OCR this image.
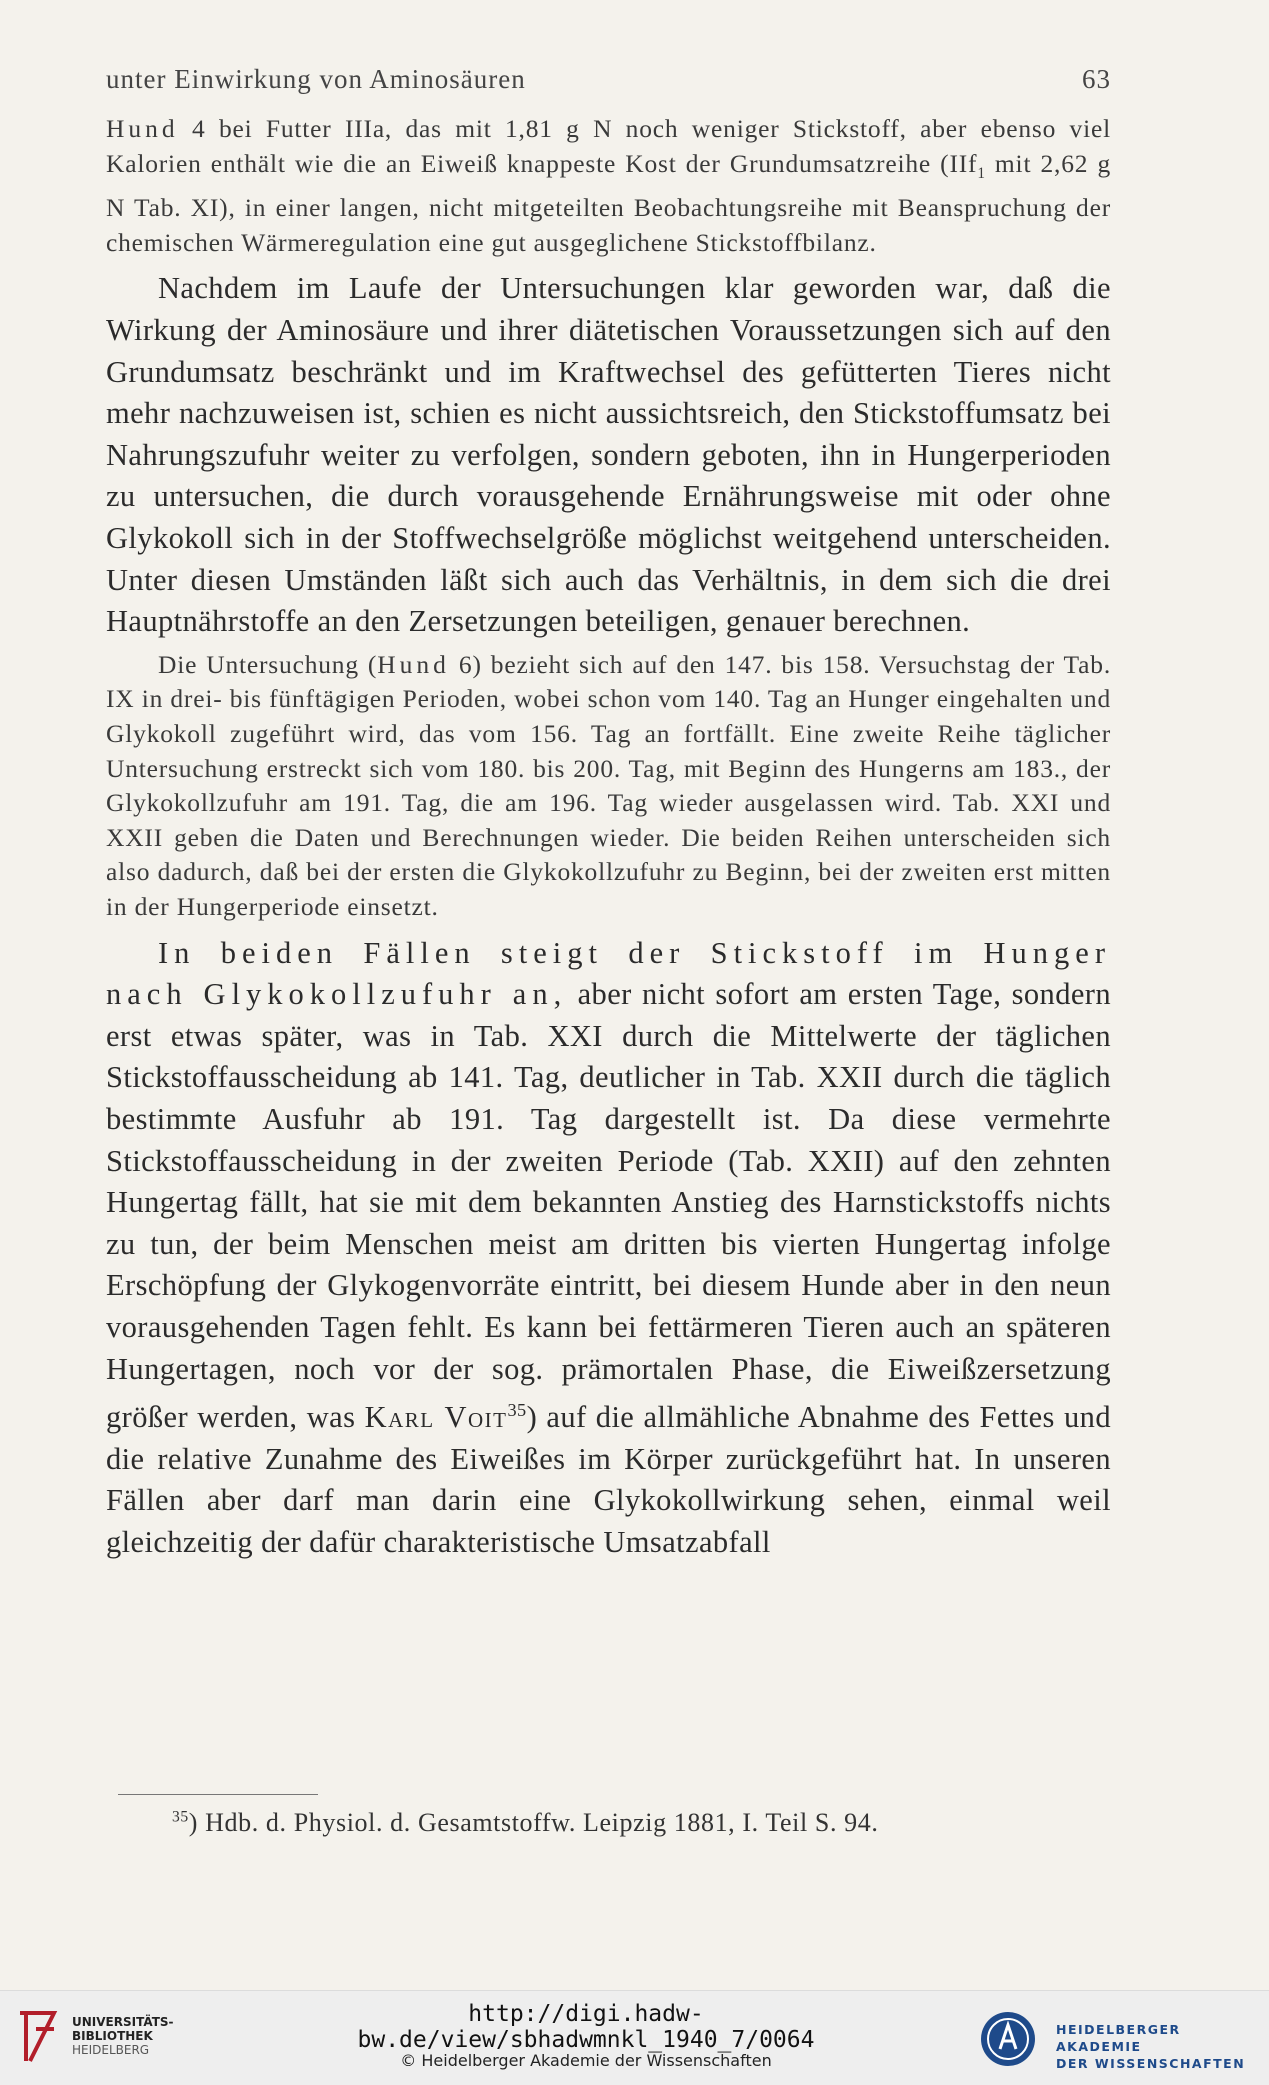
unter Einwirkung von Aminosäuren	63

Hund 4 bei Futter IIIa, das mit 1,81 g N noch weniger Stickstoff, aber ebenso viel Kalorien enthält wie die an Eiweiß knappeste Kost der Grundumsatzreihe (IIf$_1$ mit 2,62 g N Tab. XI), in einer langen, nicht mitgeteilten Beobachtungsreihe mit Beanspruchung der chemischen Wärmeregulation eine gut ausgeglichene Stickstoffbilanz.

Nachdem im Laufe der Untersuchungen klar geworden war, daß die Wirkung der Aminosäure und ihrer diätetischen Voraussetzungen sich auf den Grundumsatz beschränkt und im Kraftwechsel des gefütterten Tieres nicht mehr nachzuweisen ist, schien es nicht aussichtsreich, den Stickstoffumsatz bei Nahrungszufuhr weiter zu verfolgen, sondern geboten, ihn in Hungerperioden zu untersuchen, die durch vorausgehende Ernährungsweise mit oder ohne Glykokoll sich in der Stoffwechselgröße möglichst weitgehend unterscheiden. Unter diesen Umständen läßt sich auch das Verhältnis, in dem sich die drei Hauptnährstoffe an den Zersetzungen beteiligen, genauer berechnen.

Die Untersuchung (Hund 6) bezieht sich auf den 147. bis 158. Versuchstag der Tab. IX in drei- bis fünftägigen Perioden, wobei schon vom 140. Tag an Hunger eingehalten und Glykokoll zugeführt wird, das vom 156. Tag an fortfällt. Eine zweite Reihe täglicher Untersuchung erstreckt sich vom 180. bis 200. Tag, mit Beginn des Hungerns am 183., der Glykokollzufuhr am 191. Tag, die am 196. Tag wieder ausgelassen wird. Tab. XXI und XXII geben die Daten und Berechnungen wieder. Die beiden Reihen unterscheiden sich also dadurch, daß bei der ersten die Glykokollzufuhr zu Beginn, bei der zweiten erst mitten in der Hungerperiode einsetzt.

In beiden Fällen steigt der Stickstoff im Hunger nach Glykokollzufuhr an, aber nicht sofort am ersten Tage, sondern erst etwas später, was in Tab. XXI durch die Mittelwerte der täglichen Stickstoffausscheidung ab 141. Tag, deutlicher in Tab. XXII durch die täglich bestimmte Ausfuhr ab 191. Tag dargestellt ist. Da diese vermehrte Stickstoffausscheidung in der zweiten Periode (Tab. XXII) auf den zehnten Hungertag fällt, hat sie mit dem bekannten Anstieg des Harnstickstoffs nichts zu tun, der beim Menschen meist am dritten bis vierten Hungertag infolge Erschöpfung der Glykogenvorräte eintritt, bei diesem Hunde aber in den neun vorausgehenden Tagen fehlt. Es kann bei fettärmeren Tieren auch an späteren Hungertagen, noch vor der sog. prämortalen Phase, die Eiweißzersetzung größer werden, was Karl Voit$^{35}$) auf die allmähliche Abnahme des Fettes und die relative Zunahme des Eiweißes im Körper zurückgeführt hat. In unseren Fällen aber darf man darin eine Glykokollwirkung sehen, einmal weil gleichzeitig der dafür charakteristische Umsatzabfall

$^{35}$) Hdb. d. Physiol. d. Gesamtstoffw. Leipzig 1881, I. Teil S. 94.
UNIVERSITÄTS-
BIBLIOTHEK
HEIDELBERG
http://digi.hadw-bw.de/view/sbhadwmnkl_1940_7/0064
© Heidelberger Akademie der Wissenschaften
HEIDELBERGER AKADEMIE
DER WISSENSCHAFTEN
